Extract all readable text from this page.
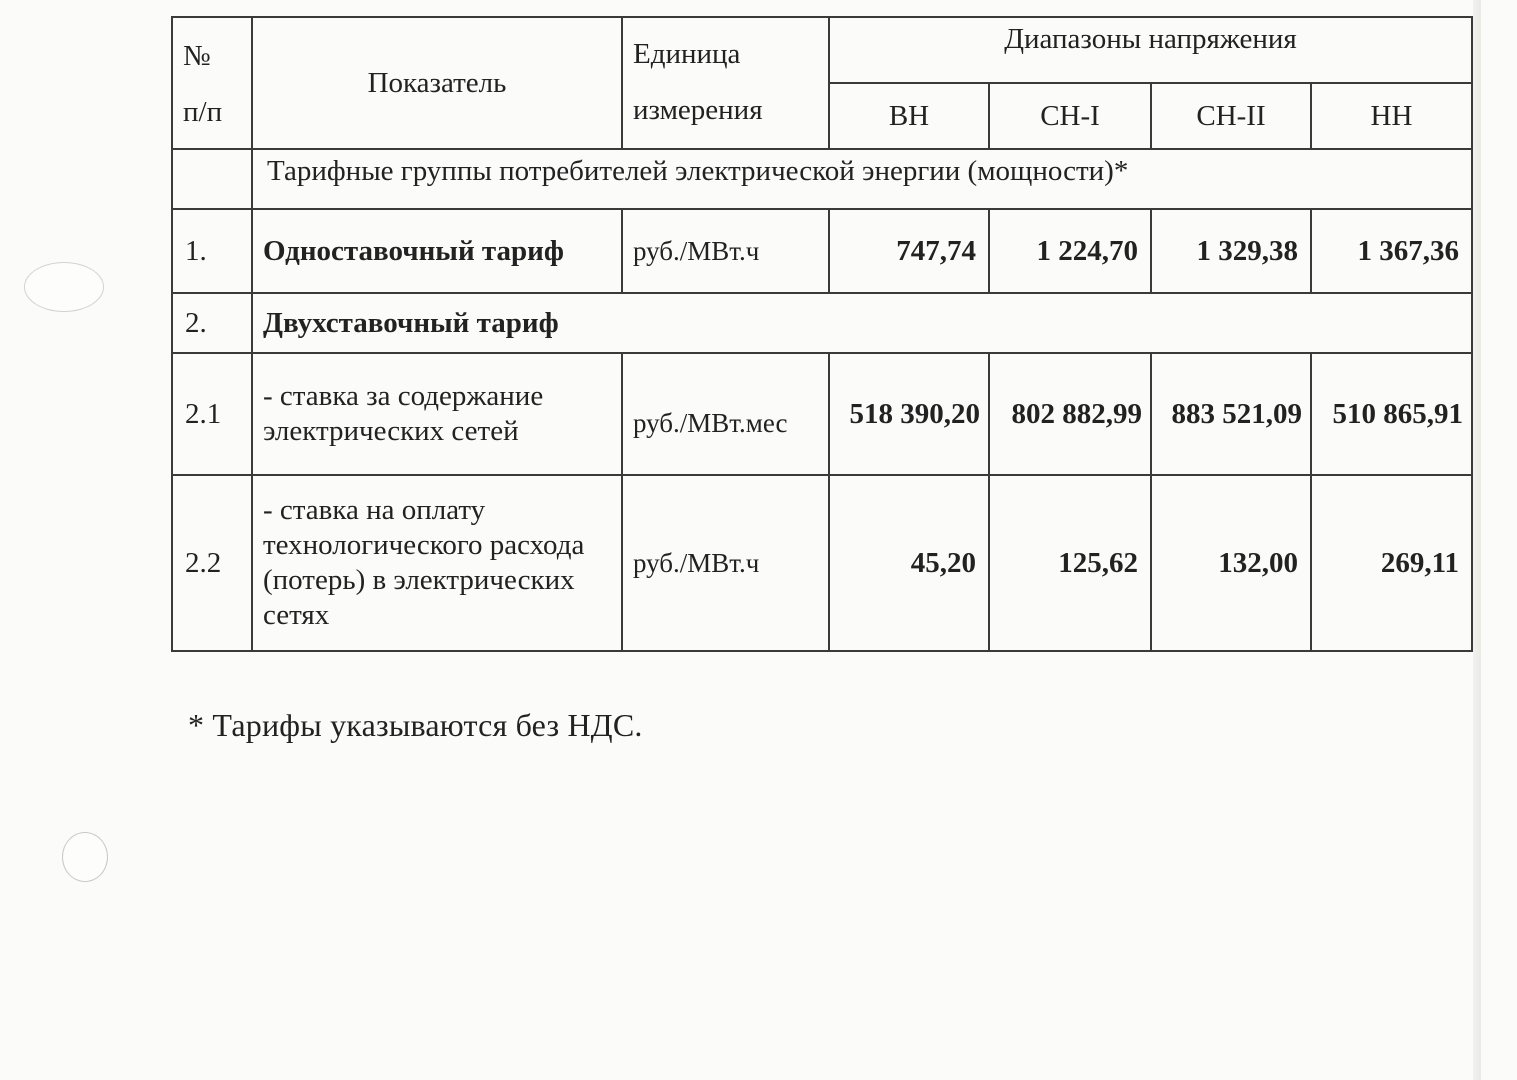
№ п/п	Показатель	Единица измерения	Диапазоны напряжения			
			ВН	СН-I	СН-II	НН
	Тарифные группы потребителей электрической энергии (мощности)*					
1.	Одноставочный тариф	руб./МВт.ч	747,74	1 224,70	1 329,38	1 367,36
2.	Двухставочный тариф					
2.1	- ставка за содержание электрических сетей	руб./МВт.мес	518 390,20	802 882,99	883 521,09	510 865,91
2.2	- ставка на оплату технологического расхода (потерь) в электрических сетях	руб./МВт.ч	45,20	125,62	132,00	269,11
* Тарифы указываются без НДС.
